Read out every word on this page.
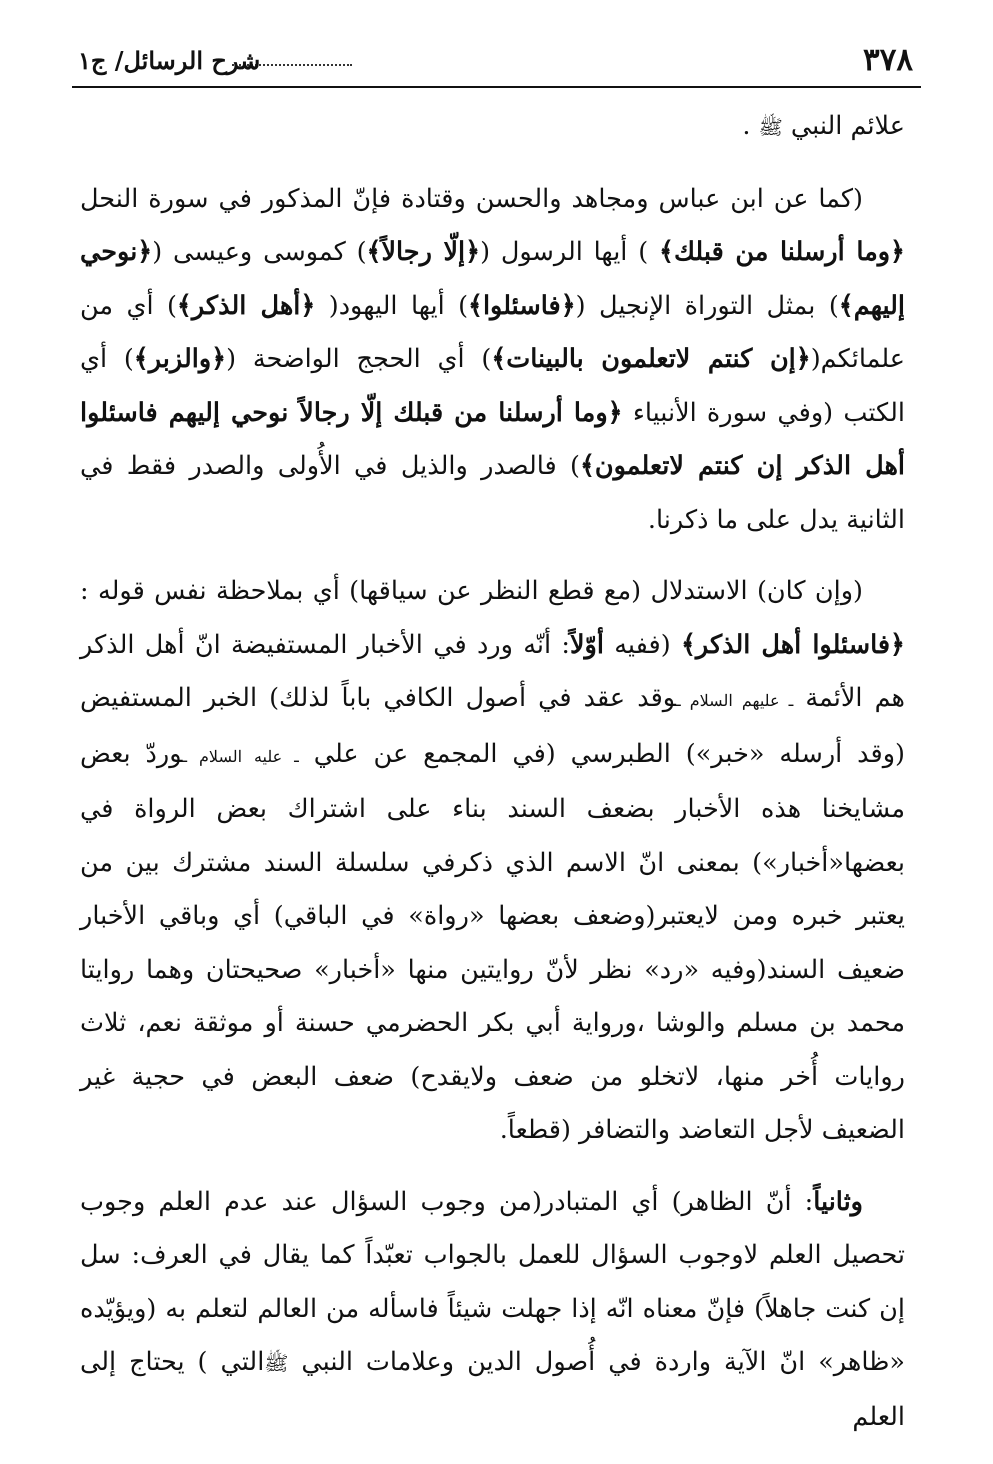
٣٧٨
شرح الرسائل/ ج١

علائم النبي ﷺ .

(كما عن ابن عباس ومجاهد والحسن وقتادة فإنّ المذكور في سورة النحل ﴿وما أرسلنا من قبلك﴾ ) أيها الرسول (﴿إلّا رجالاً﴾) كموسى وعيسى (﴿نوحي إليهم﴾) بمثل التوراة الإنجيل (﴿فاسئلوا﴾) أيها اليهود( ﴿أهل الذكر﴾) أي من علمائكم(﴿إن كنتم لاتعلمون بالبينات﴾) أي الحجج الواضحة (﴿والزبر﴾) أي الكتب (وفي سورة الأنبياء ﴿وما أرسلنا من قبلك إلّا رجالاً نوحي إليهم فاسئلوا أهل الذكر إن كنتم لاتعلمون﴾) فالصدر والذيل في الأُولى والصدر فقط في الثانية يدل على ما ذكرنا.

(وإن كان) الاستدلال (مع قطع النظر عن سياقها) أي بملاحظة نفس قوله : ﴿فاسئلوا أهل الذكر﴾ (ففيه أوّلاً: أنّه ورد في الأخبار المستفيضة انّ أهل الذكر هم الأئمة ـ عليهم السلام ـوقد عقد في أصول الكافي باباً لذلك) الخبر المستفيض (وقد أرسله «خبر») الطبرسي (في المجمع عن علي ـ عليه السلام ـوردّ بعض مشايخنا هذه الأخبار بضعف السند بناء على اشتراك بعض الرواة في بعضها«أخبار») بمعنى انّ الاسم الذي ذكرفي سلسلة السند مشترك بين من يعتبر خبره ومن لايعتبر(وضعف بعضها «رواة» في الباقي) أي وباقي الأخبار ضعيف السند(وفيه «رد» نظر لأنّ روايتين منها «أخبار» صحيحتان وهما روايتا محمد بن مسلم والوشا ،ورواية أبي بكر الحضرمي حسنة أو موثقة نعم، ثلاث روايات أُخر منها، لاتخلو من ضعف ولايقدح) ضعف البعض في حجية غير الضعيف لأجل التعاضد والتضافر (قطعاً.

وثانياً: أنّ الظاهر) أي المتبادر(من وجوب السؤال عند عدم العلم وجوب تحصيل العلم لاوجوب السؤال للعمل بالجواب تعبّداً كما يقال في العرف: سل إن كنت جاهلاً) فإنّ معناه انّه إذا جهلت شيئاً فاسأله من العالم لتعلم به (ويؤيّده «ظاهر» انّ الآية واردة في أُصول الدين وعلامات النبي ﷺالتي ) يحتاج إلى العلم
